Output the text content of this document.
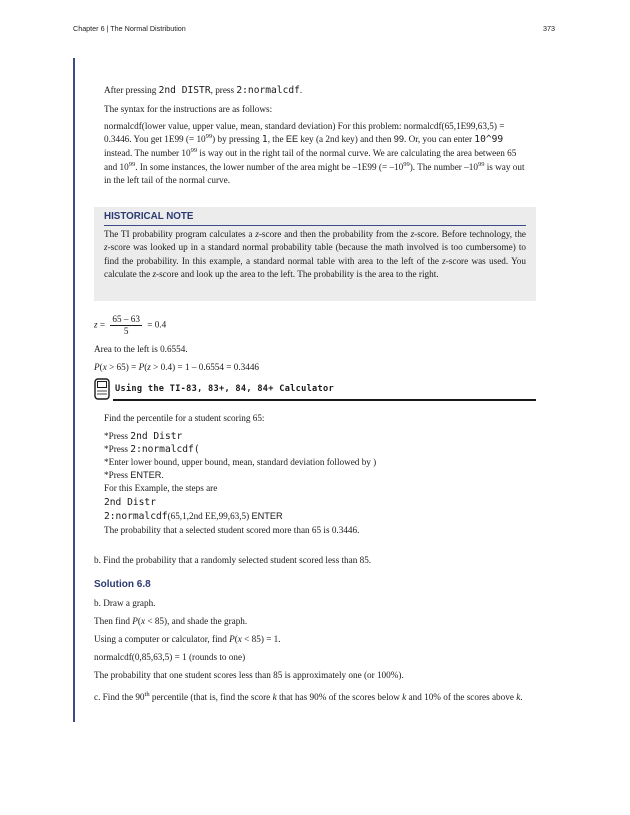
Chapter 6 | The Normal Distribution	373

After pressing 2nd DISTR, press 2:normalcdf.

The syntax for the instructions are as follows:

normalcdf(lower value, upper value, mean, standard deviation) For this problem: normalcdf(65,1E99,63,5) = 0.3446. You get 1E99 (= $10^{99}$) by pressing 1, the EE key (a 2nd key) and then 99. Or, you can enter 10^99 instead. The number $10^{99}$ is way out in the right tail of the normal curve. We are calculating the area between 65 and $10^{99}$. In some instances, the lower number of the area might be –1E99 (= $-10^{99}$). The number $-10^{99}$ is way out in the left tail of the normal curve.

HISTORICAL NOTE

The TI probability program calculates a z-score and then the probability from the z-score. Before technology, the z-score was looked up in a standard normal probability table (because the math involved is too cumbersome) to find the probability. In this example, a standard normal table with area to the left of the z-score was used. You calculate the z-score and look up the area to the left. The probability is the area to the right.

$z = \frac{65 - 63}{5} = 0.4$

Area to the left is 0.6554.

P(x > 65) = P(z > 0.4) = 1 – 0.6554 = 0.3446

Using the TI-83, 83+, 84, 84+ Calculator

Find the percentile for a student scoring 65:

*Press 2nd Distr

*Press 2:normalcdf(

*Enter lower bound, upper bound, mean, standard deviation followed by )

*Press ENTER.

For this Example, the steps are

2nd Distr

2:normalcdf(65,1,2nd EE,99,63,5) ENTER

The probability that a selected student scored more than 65 is 0.3446.

b. Find the probability that a randomly selected student scored less than 85.

Solution 6.8

b. Draw a graph.

Then find P(x < 85), and shade the graph.

Using a computer or calculator, find P(x < 85) = 1.

normalcdf(0,85,63,5) = 1 (rounds to one)

The probability that one student scores less than 85 is approximately one (or 100%).

c. Find the 90th percentile (that is, find the score k that has 90% of the scores below k and 10% of the scores above k.
